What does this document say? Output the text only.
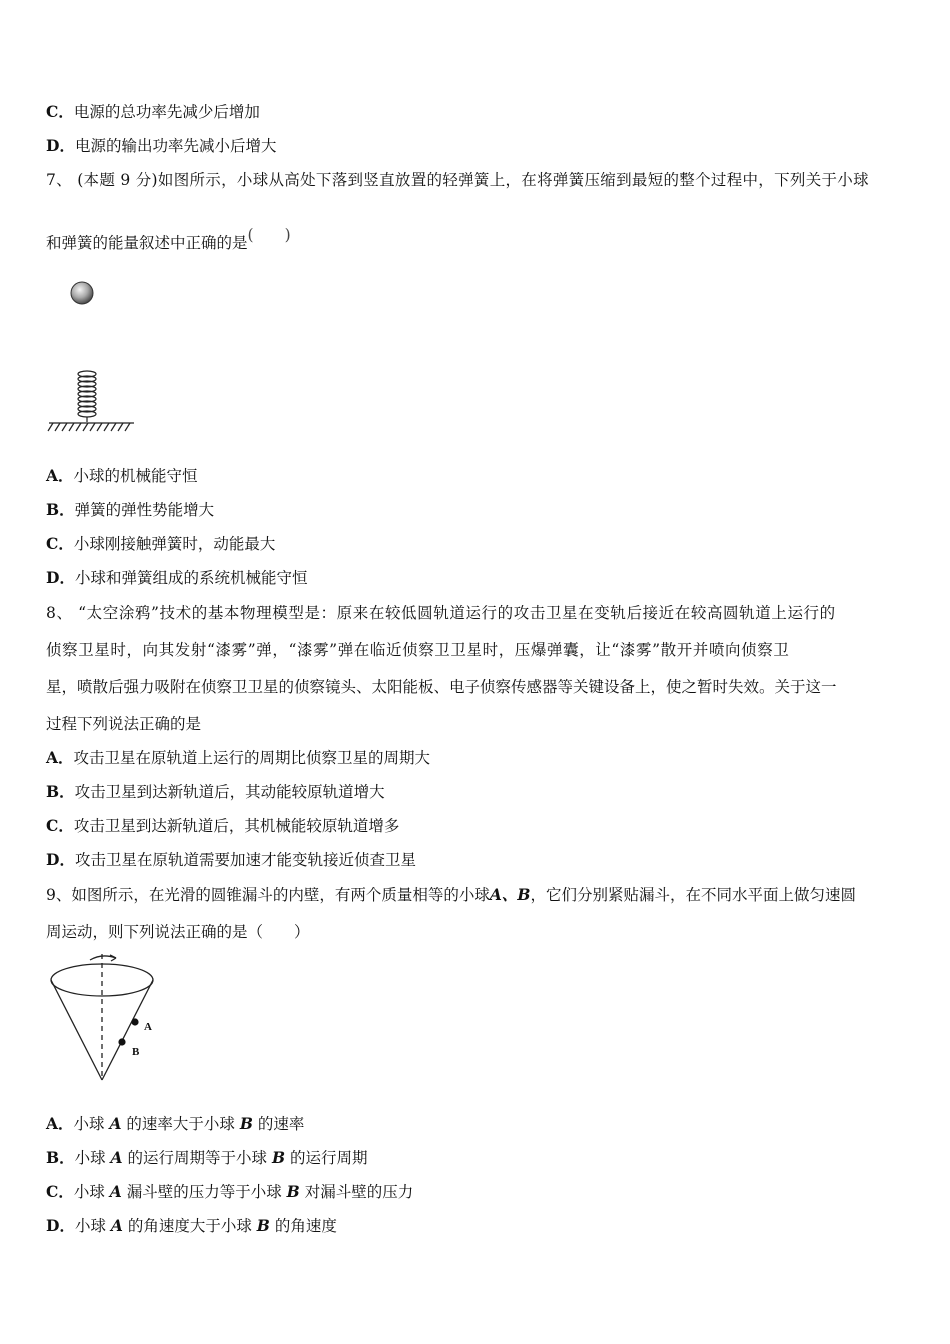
C．电源的总功率先减少后增加
D．电源的输出功率先减小后增大
7、 (本题 9 分)如图所示，小球从高处下落到竖直放置的轻弹簧上，在将弹簧压缩到最短的整个过程中，下列关于小球
和弹簧的能量叙述中正确的是(　　)
A．小球的机械能守恒
B．弹簧的弹性势能增大
C．小球刚接触弹簧时，动能最大
D．小球和弹簧组成的系统机械能守恒
8、 “太空涂鸦”技术的基本物理模型是：原来在较低圆轨道运行的攻击卫星在变轨后接近在较高圆轨道上运行的
侦察卫星时，向其发射“漆雾”弹，“漆雾”弹在临近侦察卫卫星时，压爆弹囊，让“漆雾”散开并喷向侦察卫
星，喷散后强力吸附在侦察卫卫星的侦察镜头、太阳能板、电子侦察传感器等关键设备上，使之暂时失效。关于这一
过程下列说法正确的是
A．攻击卫星在原轨道上运行的周期比侦察卫星的周期大
B．攻击卫星到达新轨道后，其动能较原轨道增大
C．攻击卫星到达新轨道后，其机械能较原轨道增多
D．攻击卫星在原轨道需要加速才能变轨接近侦查卫星
9、如图所示，在光滑的圆锥漏斗的内壁，有两个质量相等的小球A、B，它们分别紧贴漏斗，在不同水平面上做匀速圆
周运动，则下列说法正确的是（　　）
A
B
A．小球 A 的速率大于小球 B 的速率
B．小球 A 的运行周期等于小球 B 的运行周期
C．小球 A 漏斗壁的压力等于小球 B 对漏斗壁的压力
D．小球 A 的角速度大于小球 B 的角速度
